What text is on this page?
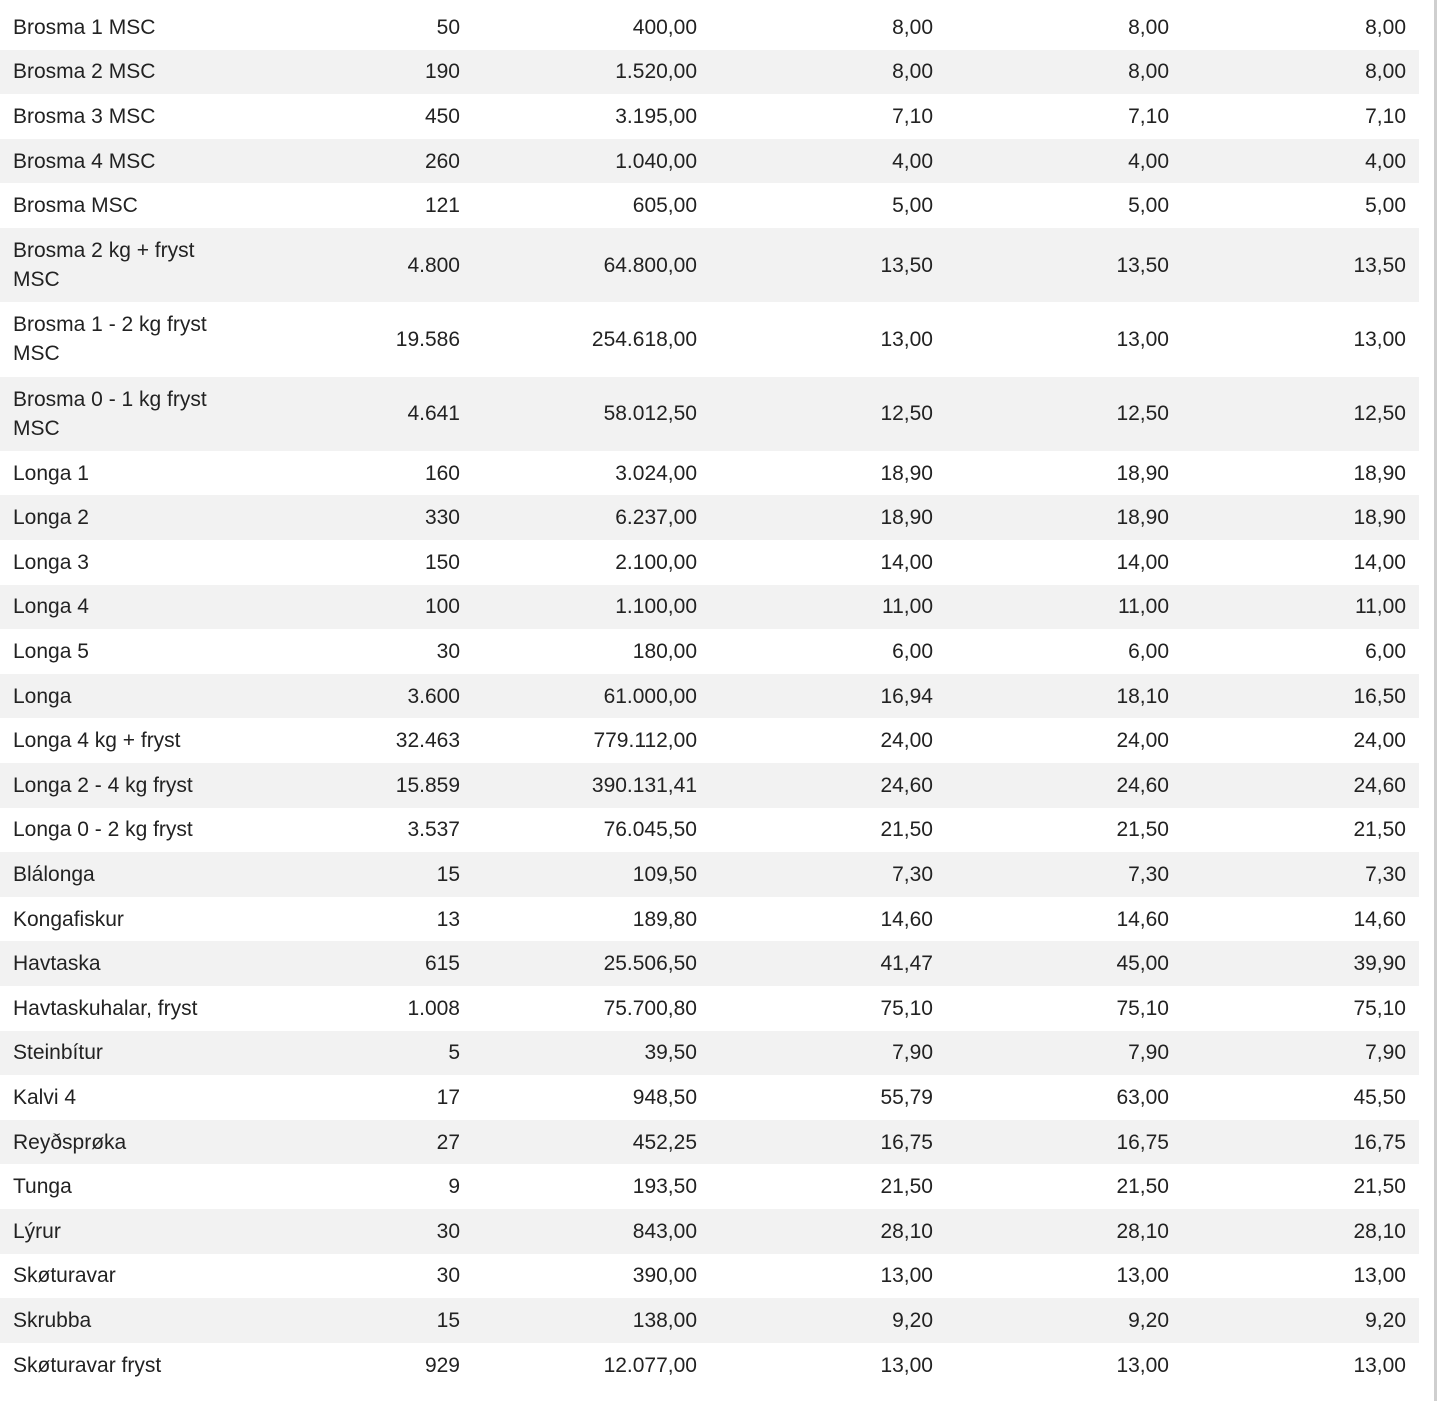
Brosma 1 MSC	50	400,00	8,00	8,00	8,00
Brosma 2 MSC	190	1.520,00	8,00	8,00	8,00
Brosma 3 MSC	450	3.195,00	7,10	7,10	7,10
Brosma 4 MSC	260	1.040,00	4,00	4,00	4,00
Brosma MSC	121	605,00	5,00	5,00	5,00
Brosma 2 kg + fryst MSC	4.800	64.800,00	13,50	13,50	13,50
Brosma 1 - 2 kg fryst MSC	19.586	254.618,00	13,00	13,00	13,00
Brosma 0 - 1 kg fryst MSC	4.641	58.012,50	12,50	12,50	12,50
Longa 1	160	3.024,00	18,90	18,90	18,90
Longa 2	330	6.237,00	18,90	18,90	18,90
Longa 3	150	2.100,00	14,00	14,00	14,00
Longa 4	100	1.100,00	11,00	11,00	11,00
Longa 5	30	180,00	6,00	6,00	6,00
Longa	3.600	61.000,00	16,94	18,10	16,50
Longa 4 kg + fryst	32.463	779.112,00	24,00	24,00	24,00
Longa 2 - 4 kg fryst	15.859	390.131,41	24,60	24,60	24,60
Longa 0 - 2 kg fryst	3.537	76.045,50	21,50	21,50	21,50
Blálonga	15	109,50	7,30	7,30	7,30
Kongafiskur	13	189,80	14,60	14,60	14,60
Havtaska	615	25.506,50	41,47	45,00	39,90
Havtaskuhalar, fryst	1.008	75.700,80	75,10	75,10	75,10
Steinbítur	5	39,50	7,90	7,90	7,90
Kalvi 4	17	948,50	55,79	63,00	45,50
Reyðsprøka	27	452,25	16,75	16,75	16,75
Tunga	9	193,50	21,50	21,50	21,50
Lýrur	30	843,00	28,10	28,10	28,10
Skøturavar	30	390,00	13,00	13,00	13,00
Skrubba	15	138,00	9,20	9,20	9,20
Skøturavar fryst	929	12.077,00	13,00	13,00	13,00
